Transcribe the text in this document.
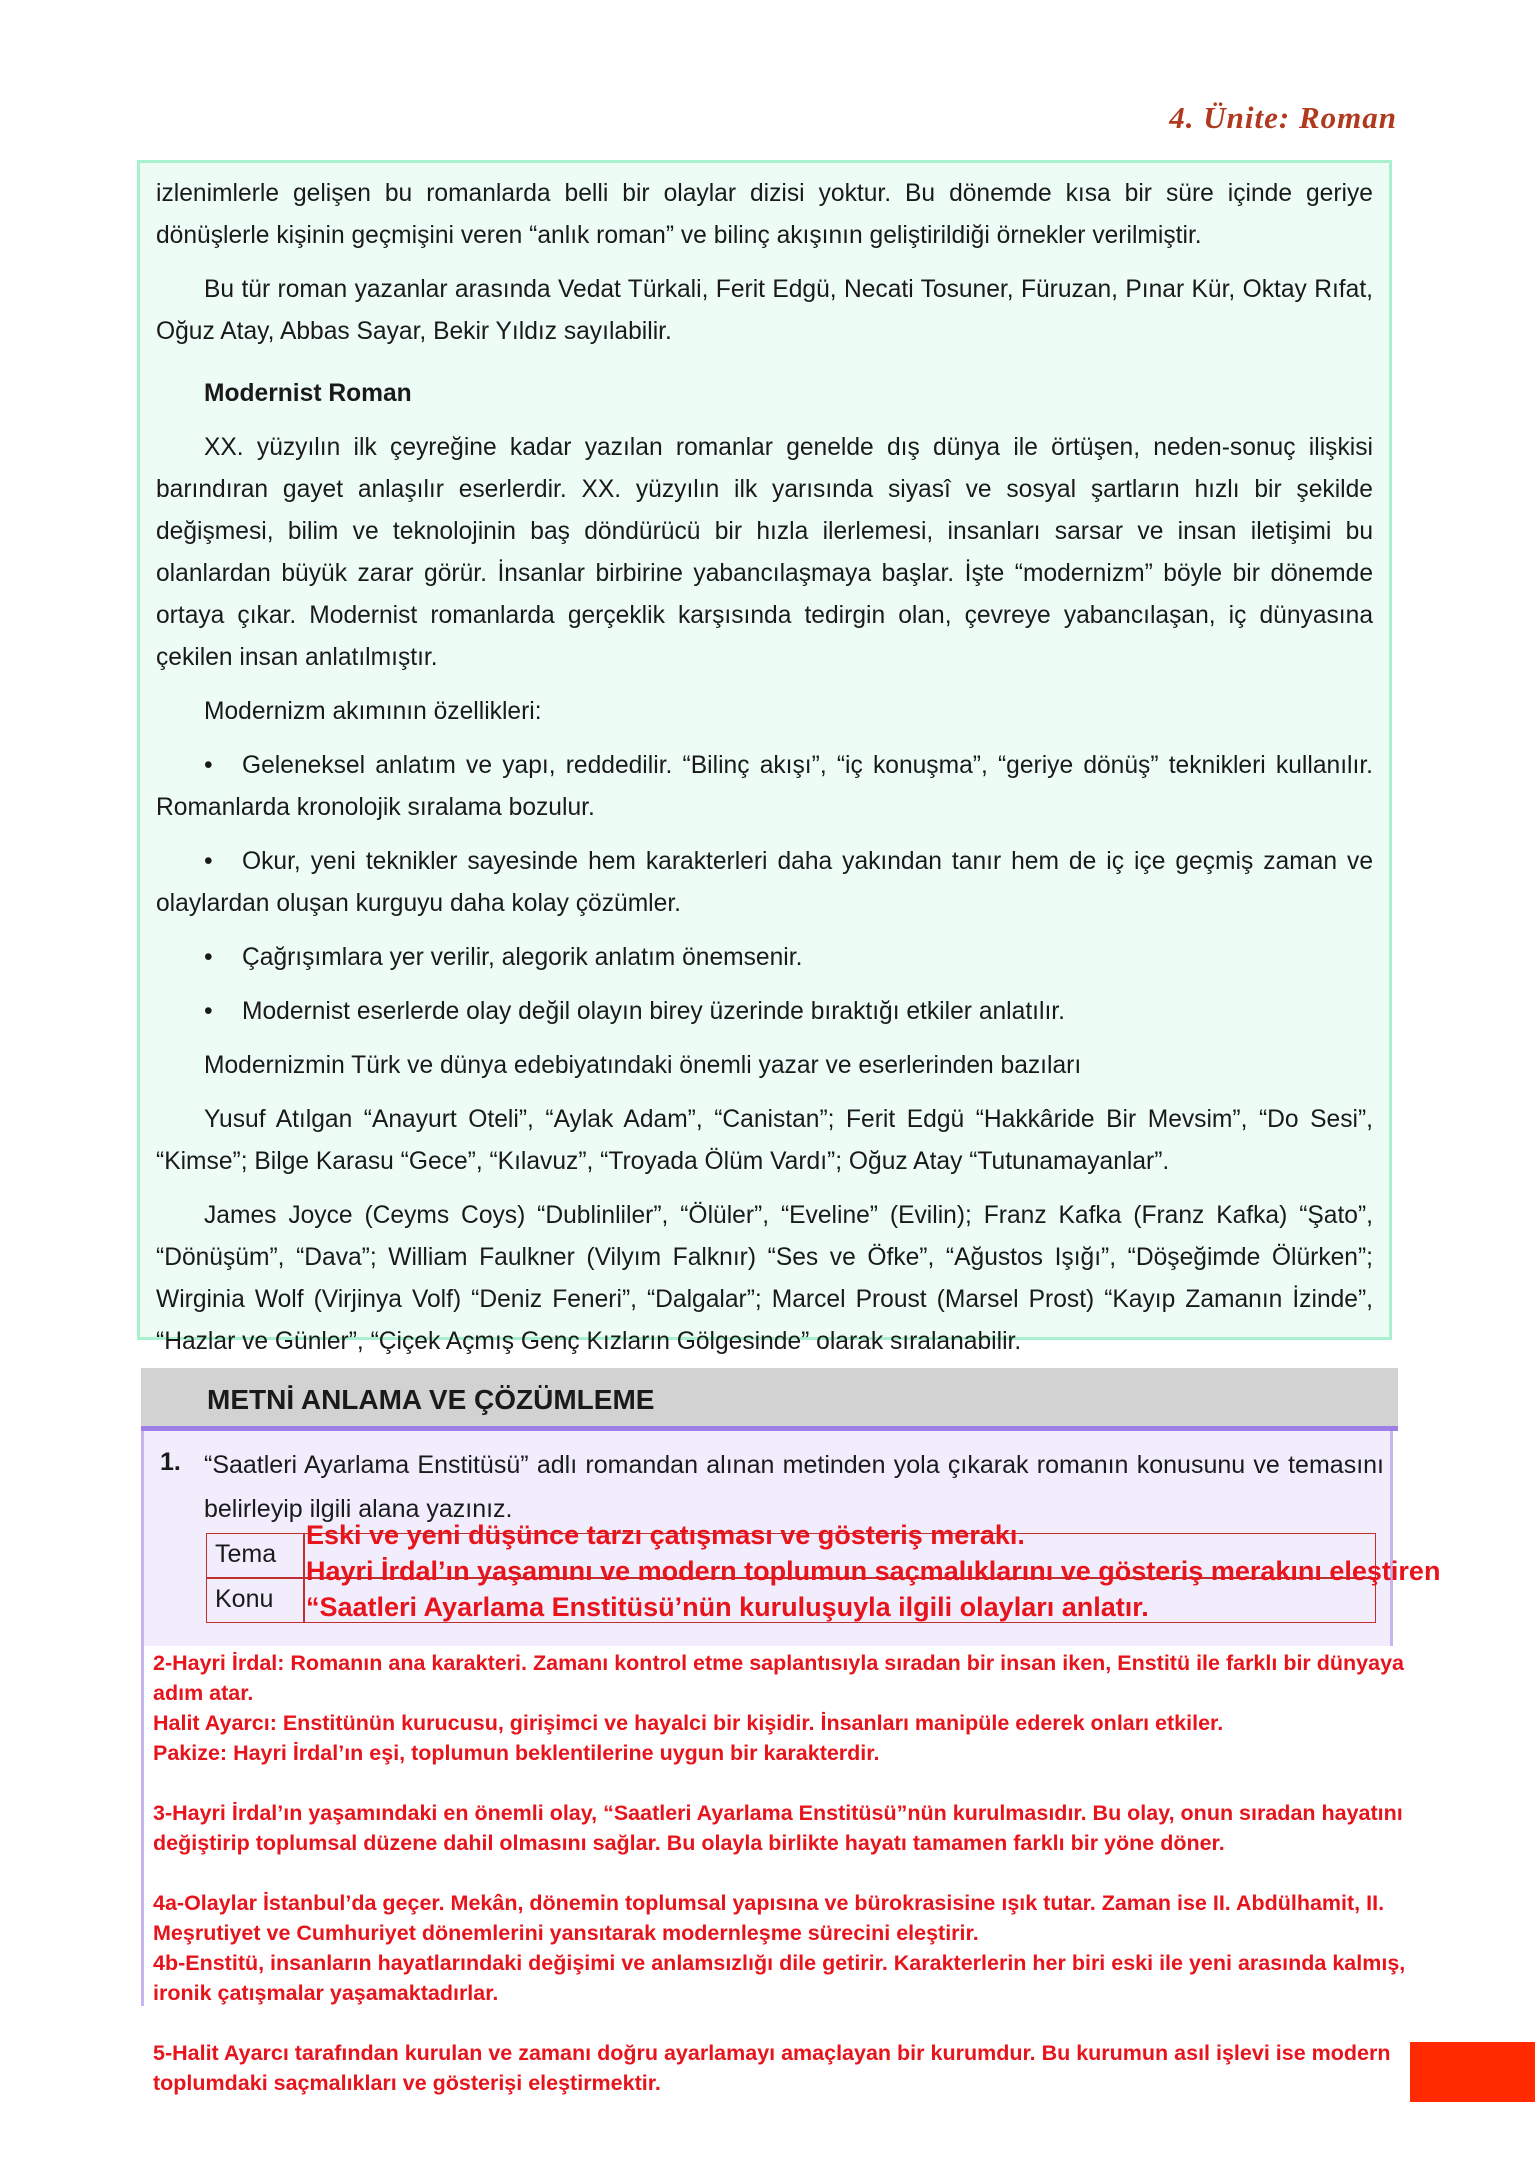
4. Ünite: Roman

izlenimlerle gelişen bu romanlarda belli bir olaylar dizisi yoktur. Bu dönemde kısa bir süre içinde geriye dönüşlerle kişinin geçmişini veren “anlık roman” ve bilinç akışının geliştirildiği örnekler verilmiştir.

Bu tür roman yazanlar arasında Vedat Türkali, Ferit Edgü, Necati Tosuner, Füruzan, Pınar Kür, Oktay Rıfat, Oğuz Atay, Abbas Sayar, Bekir Yıldız sayılabilir.

Modernist Roman

XX. yüzyılın ilk çeyreğine kadar yazılan romanlar genelde dış dünya ile örtüşen, neden-sonuç ilişkisi barındıran gayet anlaşılır eserlerdir. XX. yüzyılın ilk yarısında siyasî ve sosyal şartların hızlı bir şekilde değişmesi, bilim ve teknolojinin baş döndürücü bir hızla ilerlemesi, insanları sarsar ve insan iletişimi bu olanlardan büyük zarar görür. İnsanlar birbirine yabancılaşmaya başlar. İşte “modernizm” böyle bir dönemde ortaya çıkar. Modernist romanlarda gerçeklik karşısında tedirgin olan, çevreye yabancılaşan, iç dünyasına çekilen insan anlatılmıştır.

Modernizm akımının özellikleri:

• Geleneksel anlatım ve yapı, reddedilir. “Bilinç akışı”, “iç konuşma”, “geriye dönüş” teknikleri kullanılır. Romanlarda kronolojik sıralama bozulur.

• Okur, yeni teknikler sayesinde hem karakterleri daha yakından tanır hem de iç içe geçmiş zaman ve olaylardan oluşan kurguyu daha kolay çözümler.

• Çağrışımlara yer verilir, alegorik anlatım önemsenir.

• Modernist eserlerde olay değil olayın birey üzerinde bıraktığı etkiler anlatılır.

Modernizmin Türk ve dünya edebiyatındaki önemli yazar ve eserlerinden bazıları

Yusuf Atılgan “Anayurt Oteli”, “Aylak Adam”, “Canistan”; Ferit Edgü “Hakkâride Bir Mevsim”, “Do Sesi”, “Kimse”; Bilge Karasu “Gece”, “Kılavuz”, “Troyada Ölüm Vardı”; Oğuz Atay “Tutunamayanlar”.

James Joyce (Ceyms Coys) “Dublinliler”, “Ölüler”, “Eveline” (Evilin); Franz Kafka (Franz Kafka) “Şato”, “Dönüşüm”, “Dava”; William Faulkner (Vilyım Falknır) “Ses ve Öfke”, “Ağustos Işığı”, “Döşeğimde Ölürken”; Wirginia Wolf (Virjinya Volf) “Deniz Feneri”, “Dalgalar”; Marcel Proust (Marsel Prost) “Kayıp Zamanın İzinde”, “Hazlar ve Günler”, “Çiçek Açmış Genç Kızların Gölgesinde” olarak sıralanabilir.

METNİ ANLAMA VE ÇÖZÜMLEME
1. “Saatleri Ayarlama Enstitüsü” adlı romandan alınan metinden yola çıkarak romanın konusunu ve temasını belirleyip ilgili alana yazınız.
Tema
Konu
Eski ve yeni düşünce tarzı çatışması ve gösteriş merakı.
Hayri İrdal’ın yaşamını ve modern toplumun saçmalıklarını ve gösteriş merakını eleştiren
“Saatleri Ayarlama Enstitüsü’nün kuruluşuyla ilgili olayları anlatır.

2-Hayri İrdal: Romanın ana karakteri. Zamanı kontrol etme saplantısıyla sıradan bir insan iken, Enstitü ile farklı bir dünyaya adım atar.

Halit Ayarcı: Enstitünün kurucusu, girişimci ve hayalci bir kişidir. İnsanları manipüle ederek onları etkiler.

Pakize: Hayri İrdal’ın eşi, toplumun beklentilerine uygun bir karakterdir.

3-Hayri İrdal’ın yaşamındaki en önemli olay, “Saatleri Ayarlama Enstitüsü”nün kurulmasıdır. Bu olay, onun sıradan hayatını değiştirip toplumsal düzene dahil olmasını sağlar. Bu olayla birlikte hayatı tamamen farklı bir yöne döner.

4a-Olaylar İstanbul’da geçer. Mekân, dönemin toplumsal yapısına ve bürokrasisine ışık tutar. Zaman ise II. Abdülhamit, II. Meşrutiyet ve Cumhuriyet dönemlerini yansıtarak modernleşme sürecini eleştirir.

4b-Enstitü, insanların hayatlarındaki değişimi ve anlamsızlığı dile getirir. Karakterlerin her biri eski ile yeni arasında kalmış, ironik çatışmalar yaşamaktadırlar.

5-Halit Ayarcı tarafından kurulan ve zamanı doğru ayarlamayı amaçlayan bir kurumdur. Bu kurumun asıl işlevi ise modern toplumdaki saçmalıkları ve gösterişi eleştirmektir.
